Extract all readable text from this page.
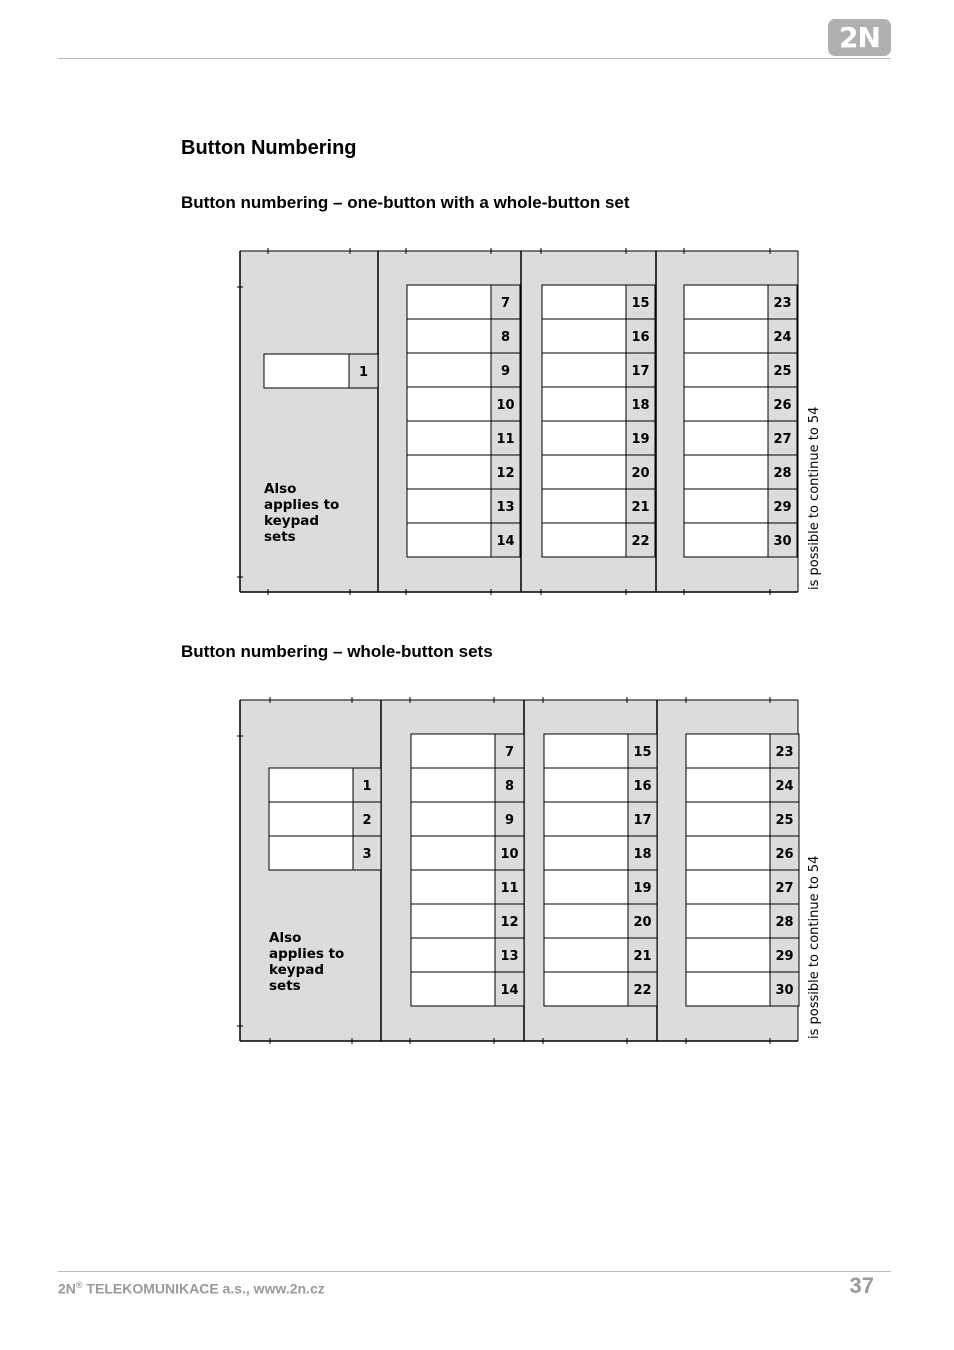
2N
Button Numbering
Button numbering – one-button with a whole-button set
1
Also
applies to
keypad
sets
7
8
9
10
11
12
13
14
15
16
17
18
19
20
21
22
23
24
25
26
27
28
29
30 is possible to continue to 54
Button numbering – whole-button sets
1
2
3
Also
applies to
keypad
sets
7
8
9
10
11
12
13
14
15
16
17
18
19
20
21
22
23
24
25
26
27
28
29
30 is possible to continue to 54
2N® TELEKOMUNIKACE a.s., www.2n.cz	37
